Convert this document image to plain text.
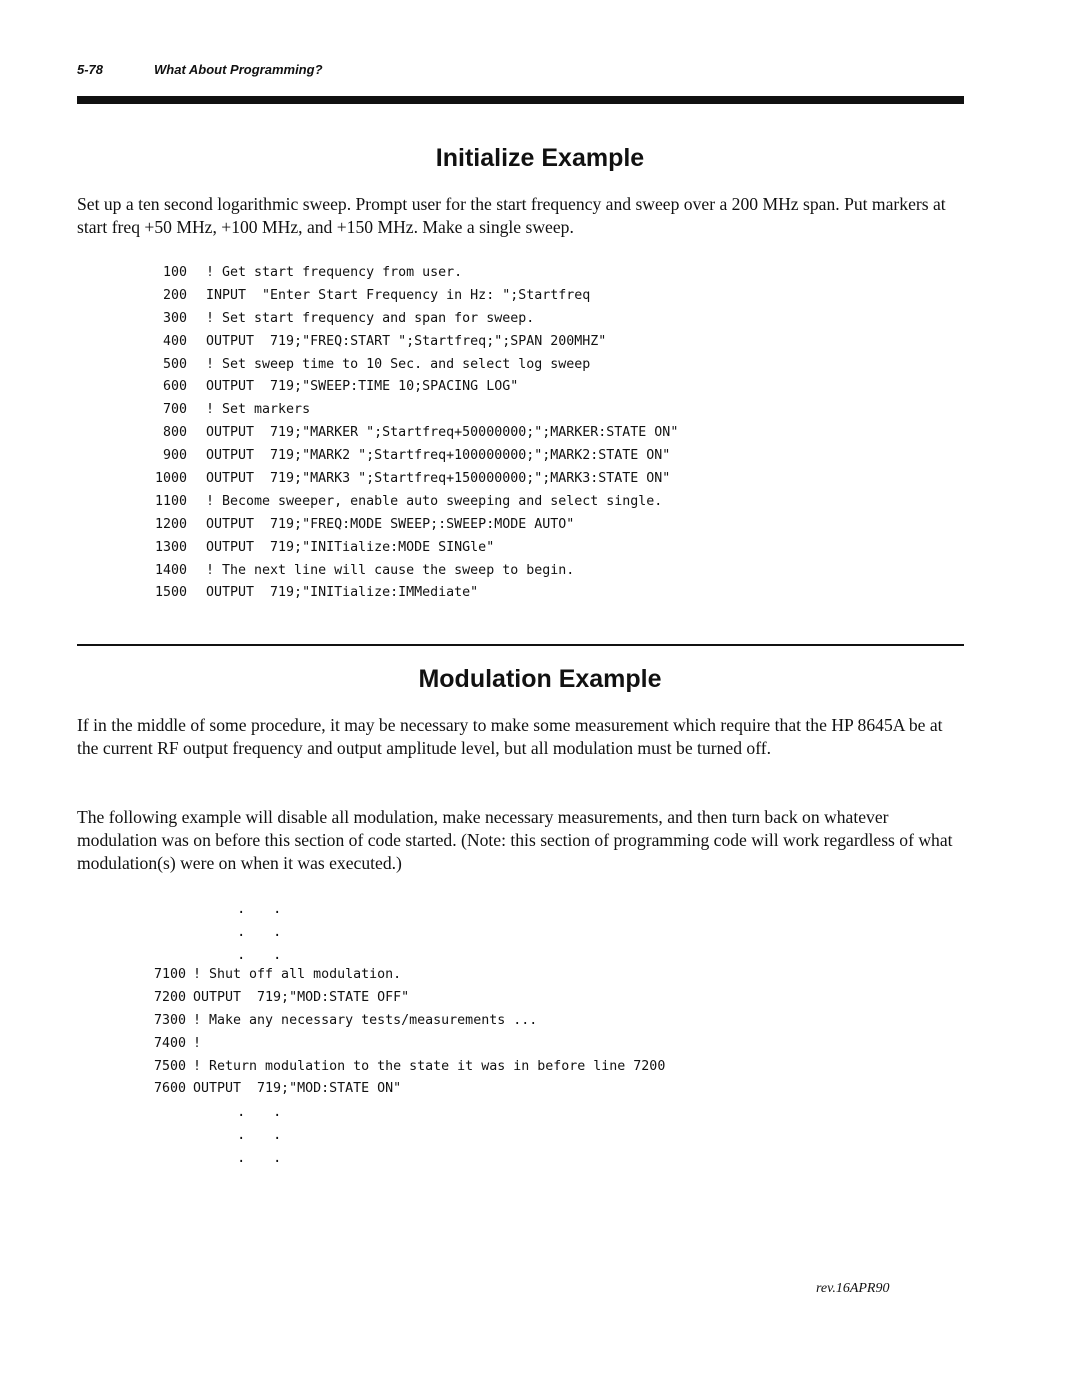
5-78	What About Programming?
Initialize Example

Set up a ten second logarithmic sweep. Prompt user for the start frequency and sweep over a 200 MHz span. Put markers at start freq +50 MHz, +100 MHz, and +150 MHz. Make a single sweep.

100 ! Get start frequency from user.
200 INPUT  "Enter Start Frequency in Hz: ";Startfreq
300 ! Set start frequency and span for sweep.
400 OUTPUT  719;"FREQ:START ";Startfreq;";SPAN 200MHZ"
500 ! Set sweep time to 10 Sec. and select log sweep
600 OUTPUT  719;"SWEEP:TIME 10;SPACING LOG"
700 ! Set markers
800 OUTPUT  719;"MARKER ";Startfreq+50000000;";MARKER:STATE ON"
900 OUTPUT  719;"MARK2 ";Startfreq+100000000;";MARK2:STATE ON"
1000 OUTPUT  719;"MARK3 ";Startfreq+150000000;";MARK3:STATE ON"
1100 ! Become sweeper, enable auto sweeping and select single.
1200 OUTPUT  719;"FREQ:MODE SWEEP;:SWEEP:MODE AUTO"
1300 OUTPUT  719;"INITialize:MODE SINGle"
1400 ! The next line will cause the sweep to begin.
1500 OUTPUT  719;"INITialize:IMMediate"
Modulation Example

If in the middle of some procedure, it may be necessary to make some measurement which require that the HP 8645A be at the current RF output frequency and output amplitude level, but all modulation must be turned off.

The following example will disable all modulation, make necessary measurements, and then turn back on whatever modulation was on before this section of code started. (Note: this section of programming code will work regardless of what modulation(s) were on when it was executed.)

. .
. .
. .
7100 ! Shut off all modulation.
7200 OUTPUT  719;"MOD:STATE OFF"
7300 ! Make any necessary tests/measurements ...
7400 !
7500 ! Return modulation to the state it was in before line 7200
7600 OUTPUT  719;"MOD:STATE ON"
. .
. .
. .
rev.16APR90
